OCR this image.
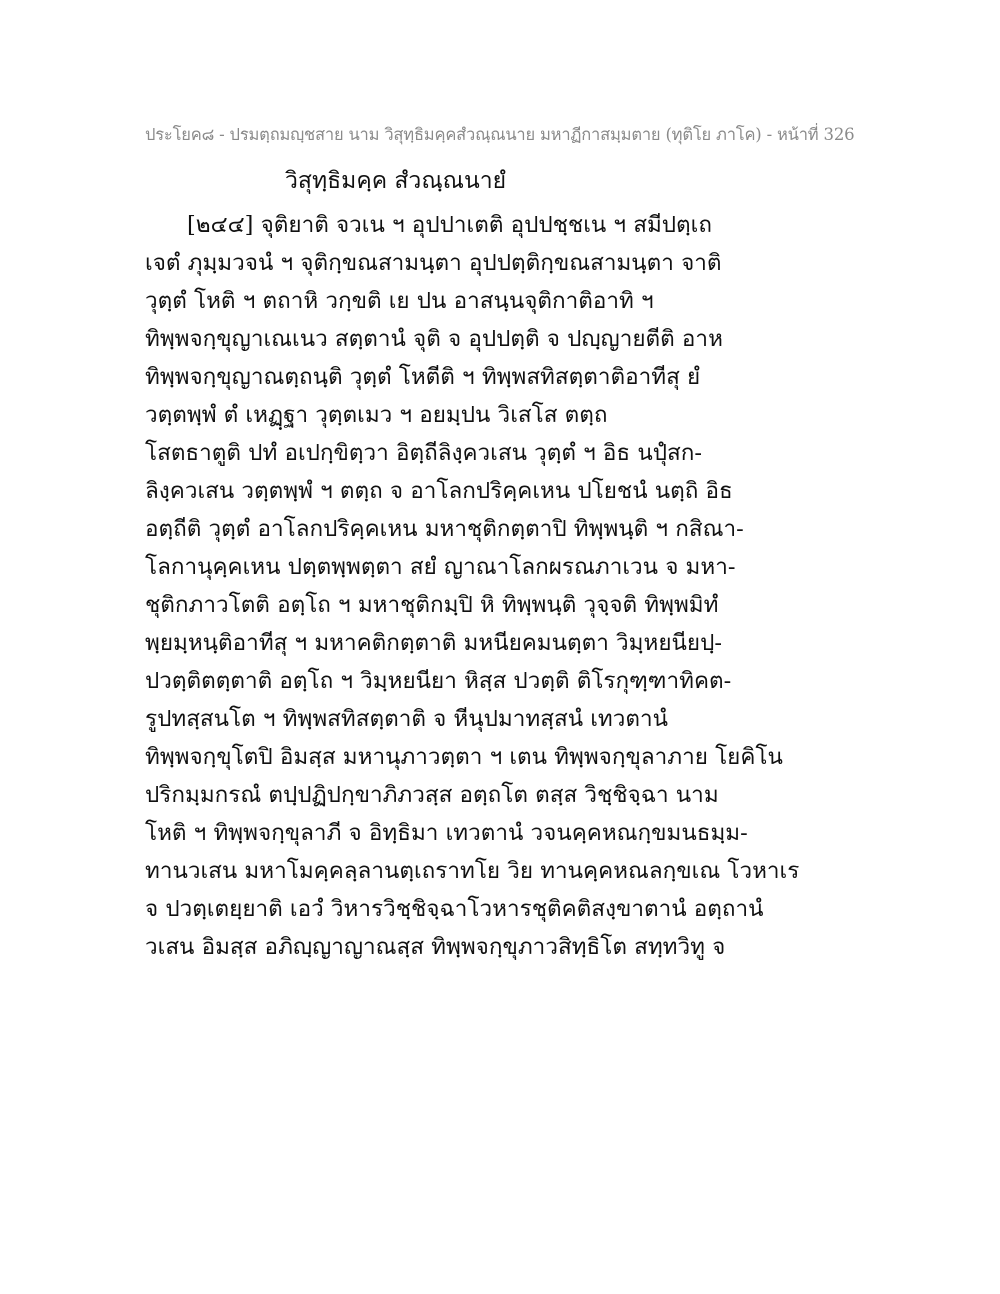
ประโยค๘ - ปรมตฺถมญฺชสาย นาม วิสุทฺธิมคฺคสํวณฺณนาย มหาฏีกาสมฺมตาย (ทุติโย ภาโค) - หน้าที่ 326
วิสุทฺธิมคฺค สํวณฺณนายํ
[๒๔๔] จุติยาติ จวเน ฯ อุปปาเตติ อุปปชฺชเน ฯ สมีปตฺเถ
เจตํ ภุมฺมวจนํ ฯ จุติกฺขณสามนฺตา อุปปตฺติกฺขณสามนฺตา จาติ
วุตฺตํ โหติ ฯ ตถาหิ วกฺขติ เย ปน อาสนฺนจุติกาติอาทิ ฯ
ทิพฺพจกฺขุญาเณเนว สตฺตานํ จุติ จ อุปปตฺติ จ ปญฺญายตีติ อาห
ทิพฺพจกฺขุญาณตฺถนฺติ วุตฺตํ โหตีติ ฯ ทิพฺพสทิสตฺตาติอาทีสุ ยํ
วตฺตพฺพํ ตํ เหฏฺฐา วุตฺตเมว ฯ อยมฺปน วิเสโส ตตฺถ
โสตธาตูติ ปทํ อเปกฺขิตฺวา อิตฺถีลิงฺควเสน วุตฺตํ ฯ อิธ นปุํสก-
ลิงฺควเสน วตฺตพฺพํ ฯ ตตฺถ จ อาโลกปริคฺคเหน ปโยชนํ นตฺถิ อิธ
อตฺถีติ วุตฺตํ อาโลกปริคฺคเหน มหาชุติกตฺตาปิ ทิพฺพนฺติ ฯ กสิณา-
โลกานุคฺคเหน ปตฺตพฺพตฺตา สยํ ญาณาโลกผรณภาเวน จ มหา-
ชุติกภาวโตติ อตฺโถ ฯ มหาชุติกมฺปิ หิ ทิพฺพนฺติ วุจฺจติ ทิพฺพมิทํ
พฺยมฺหนฺติอาทีสุ ฯ มหาคติกตฺตาติ มหนียคมนตฺตา วิมฺหยนียปฺ-
ปวตฺติตตฺตาติ อตฺโถ ฯ วิมฺหยนียา หิสฺส ปวตฺติ ติโรกุฑฺฑาทิคต-
รูปทสฺสนโต ฯ ทิพฺพสทิสตฺตาติ จ หีนุปมาทสฺสนํ เทวตานํ
ทิพฺพจกฺขุโตปิ อิมสฺส มหานุภาวตฺตา ฯ เตน ทิพฺพจกฺขุลาภาย โยคิโน
ปริกมฺมกรณํ ตปฺปฏิปกฺขาภิภวสฺส อตฺถโต ตสฺส วิชฺชิจฺฉา นาม
โหติ ฯ ทิพฺพจกฺขุลาภี จ อิทฺธิมา เทวตานํ วจนคฺคหณกฺขมนธมฺม-
ทานวเสน มหาโมคฺคลฺลานตฺเถราทโย วิย ทานคฺคหณลกฺขเณ โวหาเร
จ ปวตฺเตยฺยาติ เอวํ วิหารวิชฺชิจฺฉาโวหารชุติคติสงฺขาตานํ อตฺถานํ
วเสน อิมสฺส อภิญฺญาญาณสฺส ทิพฺพจกฺขุภาวสิทฺธิโต สทฺทวิทู จ
